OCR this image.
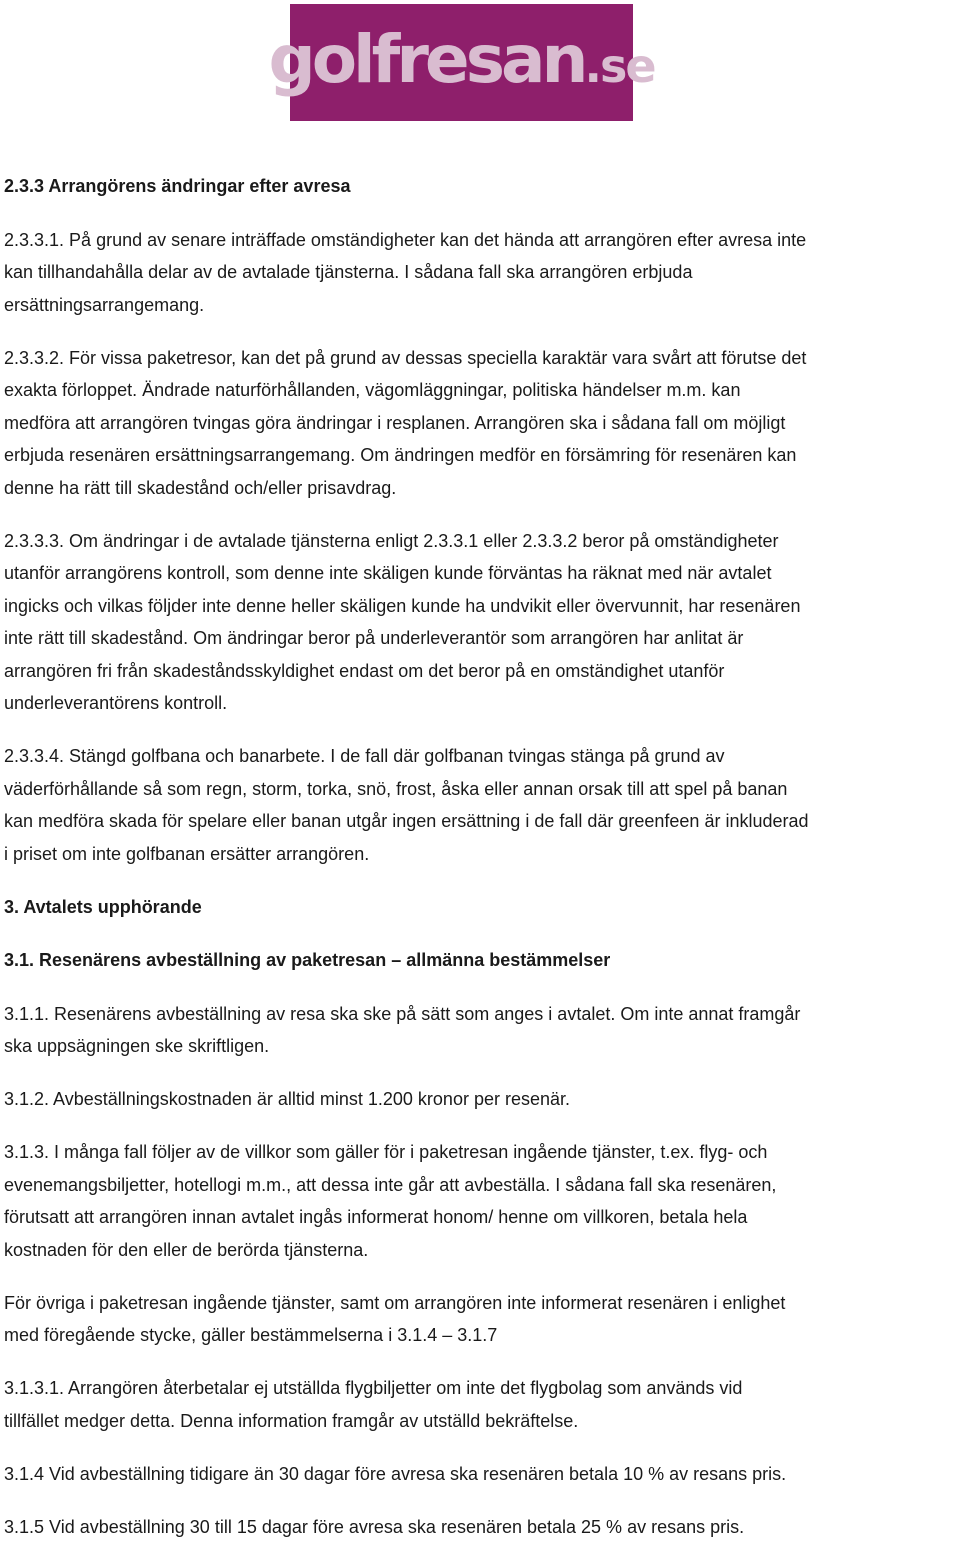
golfresan.se
2.3.3 Arrangörens ändringar efter avresa
2.3.3.1. På grund av senare inträffade omständigheter kan det hända att arrangören efter avresa inte
kan tillhandahålla delar av de avtalade tjänsterna. I sådana fall ska arrangören erbjuda
ersättningsarrangemang.
2.3.3.2. För vissa paketresor, kan det på grund av dessas speciella karaktär vara svårt att förutse det
exakta förloppet. Ändrade naturförhållanden, vägomläggningar, politiska händelser m.m. kan
medföra att arrangören tvingas göra ändringar i resplanen. Arrangören ska i sådana fall om möjligt
erbjuda resenären ersättningsarrangemang. Om ändringen medför en försämring för resenären kan
denne ha rätt till skadestånd och/eller prisavdrag.
2.3.3.3. Om ändringar i de avtalade tjänsterna enligt 2.3.3.1 eller 2.3.3.2 beror på omständigheter
utanför arrangörens kontroll, som denne inte skäligen kunde förväntas ha räknat med när avtalet
ingicks och vilkas följder inte denne heller skäligen kunde ha undvikit eller övervunnit, har resenären
inte rätt till skadestånd. Om ändringar beror på underleverantör som arrangören har anlitat är
arrangören fri från skadeståndsskyldighet endast om det beror på en omständighet utanför
underleverantörens kontroll.
2.3.3.4. Stängd golfbana och banarbete. I de fall där golfbanan tvingas stänga på grund av
väderförhållande så som regn, storm, torka, snö, frost, åska eller annan orsak till att spel på banan
kan medföra skada för spelare eller banan utgår ingen ersättning i de fall där greenfeen är inkluderad
i priset om inte golfbanan ersätter arrangören.
3. Avtalets upphörande
3.1. Resenärens avbeställning av paketresan – allmänna bestämmelser
3.1.1. Resenärens avbeställning av resa ska ske på sätt som anges i avtalet. Om inte annat framgår
ska uppsägningen ske skriftligen.
3.1.2. Avbeställningskostnaden är alltid minst 1.200 kronor per resenär.
3.1.3. I många fall följer av de villkor som gäller för i paketresan ingående tjänster, t.ex. flyg- och
evenemangsbiljetter, hotellogi m.m., att dessa inte går att avbeställa. I sådana fall ska resenären,
förutsatt att arrangören innan avtalet ingås informerat honom/ henne om villkoren, betala hela
kostnaden för den eller de berörda tjänsterna.
För övriga i paketresan ingående tjänster, samt om arrangören inte informerat resenären i enlighet
med föregående stycke, gäller bestämmelserna i 3.1.4 – 3.1.7
3.1.3.1. Arrangören återbetalar ej utställda flygbiljetter om inte det flygbolag som används vid
tillfället medger detta. Denna information framgår av utställd bekräftelse.
3.1.4 Vid avbeställning tidigare än 30 dagar före avresa ska resenären betala 10 % av resans pris.
3.1.5 Vid avbeställning 30 till 15 dagar före avresa ska resenären betala 25 % av resans pris.
